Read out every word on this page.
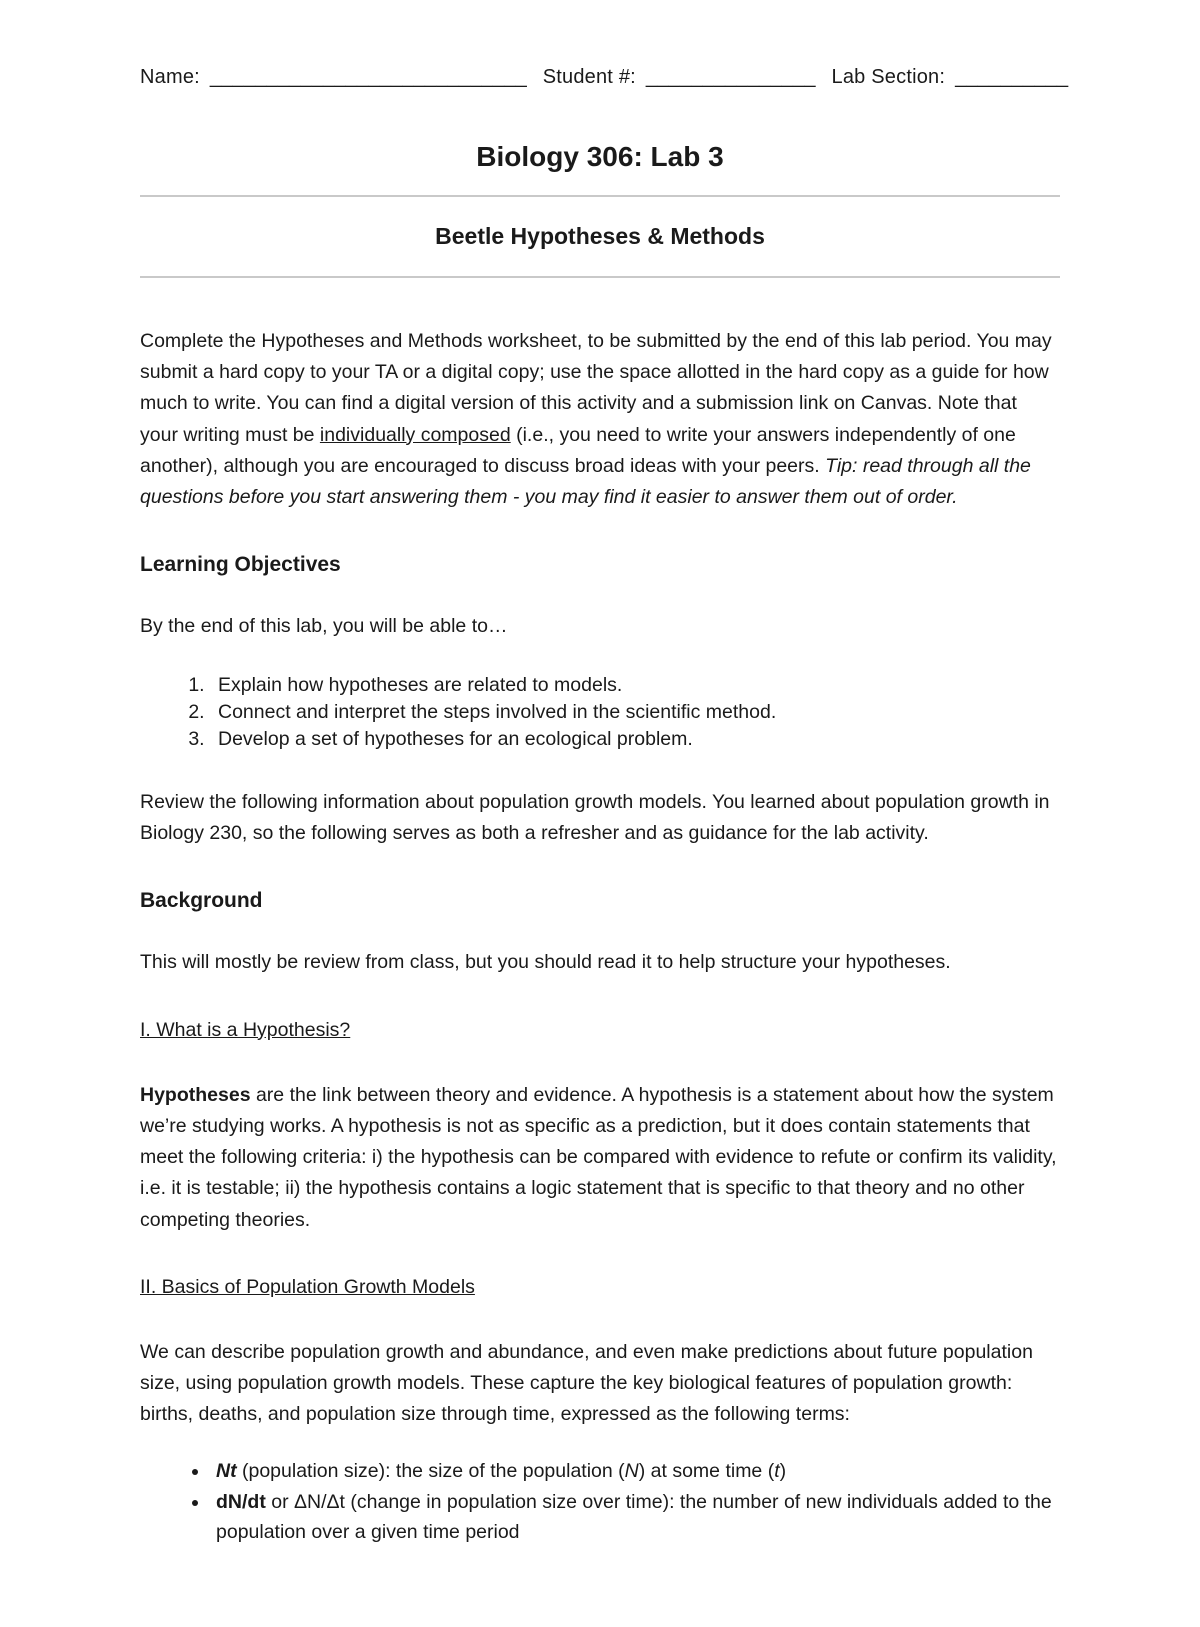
Name: ____________________________ Student #: _______________ Lab Section: __________
Biology 306: Lab 3
Beetle Hypotheses & Methods

Complete the Hypotheses and Methods worksheet, to be submitted by the end of this lab period. You may submit a hard copy to your TA or a digital copy; use the space allotted in the hard copy as a guide for how much to write. You can find a digital version of this activity and a submission link on Canvas. Note that your writing must be individually composed (i.e., you need to write your answers independently of one another), although you are encouraged to discuss broad ideas with your peers. Tip: read through all the questions before you start answering them - you may find it easier to answer them out of order.

Learning Objectives

By the end of this lab, you will be able to…

1. Explain how hypotheses are related to models.
2. Connect and interpret the steps involved in the scientific method.
3. Develop a set of hypotheses for an ecological problem.

Review the following information about population growth models. You learned about population growth in Biology 230, so the following serves as both a refresher and as guidance for the lab activity.

Background

This will mostly be review from class, but you should read it to help structure your hypotheses.

I. What is a Hypothesis?

Hypotheses are the link between theory and evidence. A hypothesis is a statement about how the system we’re studying works. A hypothesis is not as specific as a prediction, but it does contain statements that meet the following criteria: i) the hypothesis can be compared with evidence to refute or confirm its validity, i.e. it is testable; ii) the hypothesis contains a logic statement that is specific to that theory and no other competing theories.

II. Basics of Population Growth Models

We can describe population growth and abundance, and even make predictions about future population size, using population growth models. These capture the key biological features of population growth: births, deaths, and population size through time, expressed as the following terms:

• Nt (population size): the size of the population (N) at some time (t)
• dN/dt or ΔN/Δt (change in population size over time): the number of new individuals added to the population over a given time period
